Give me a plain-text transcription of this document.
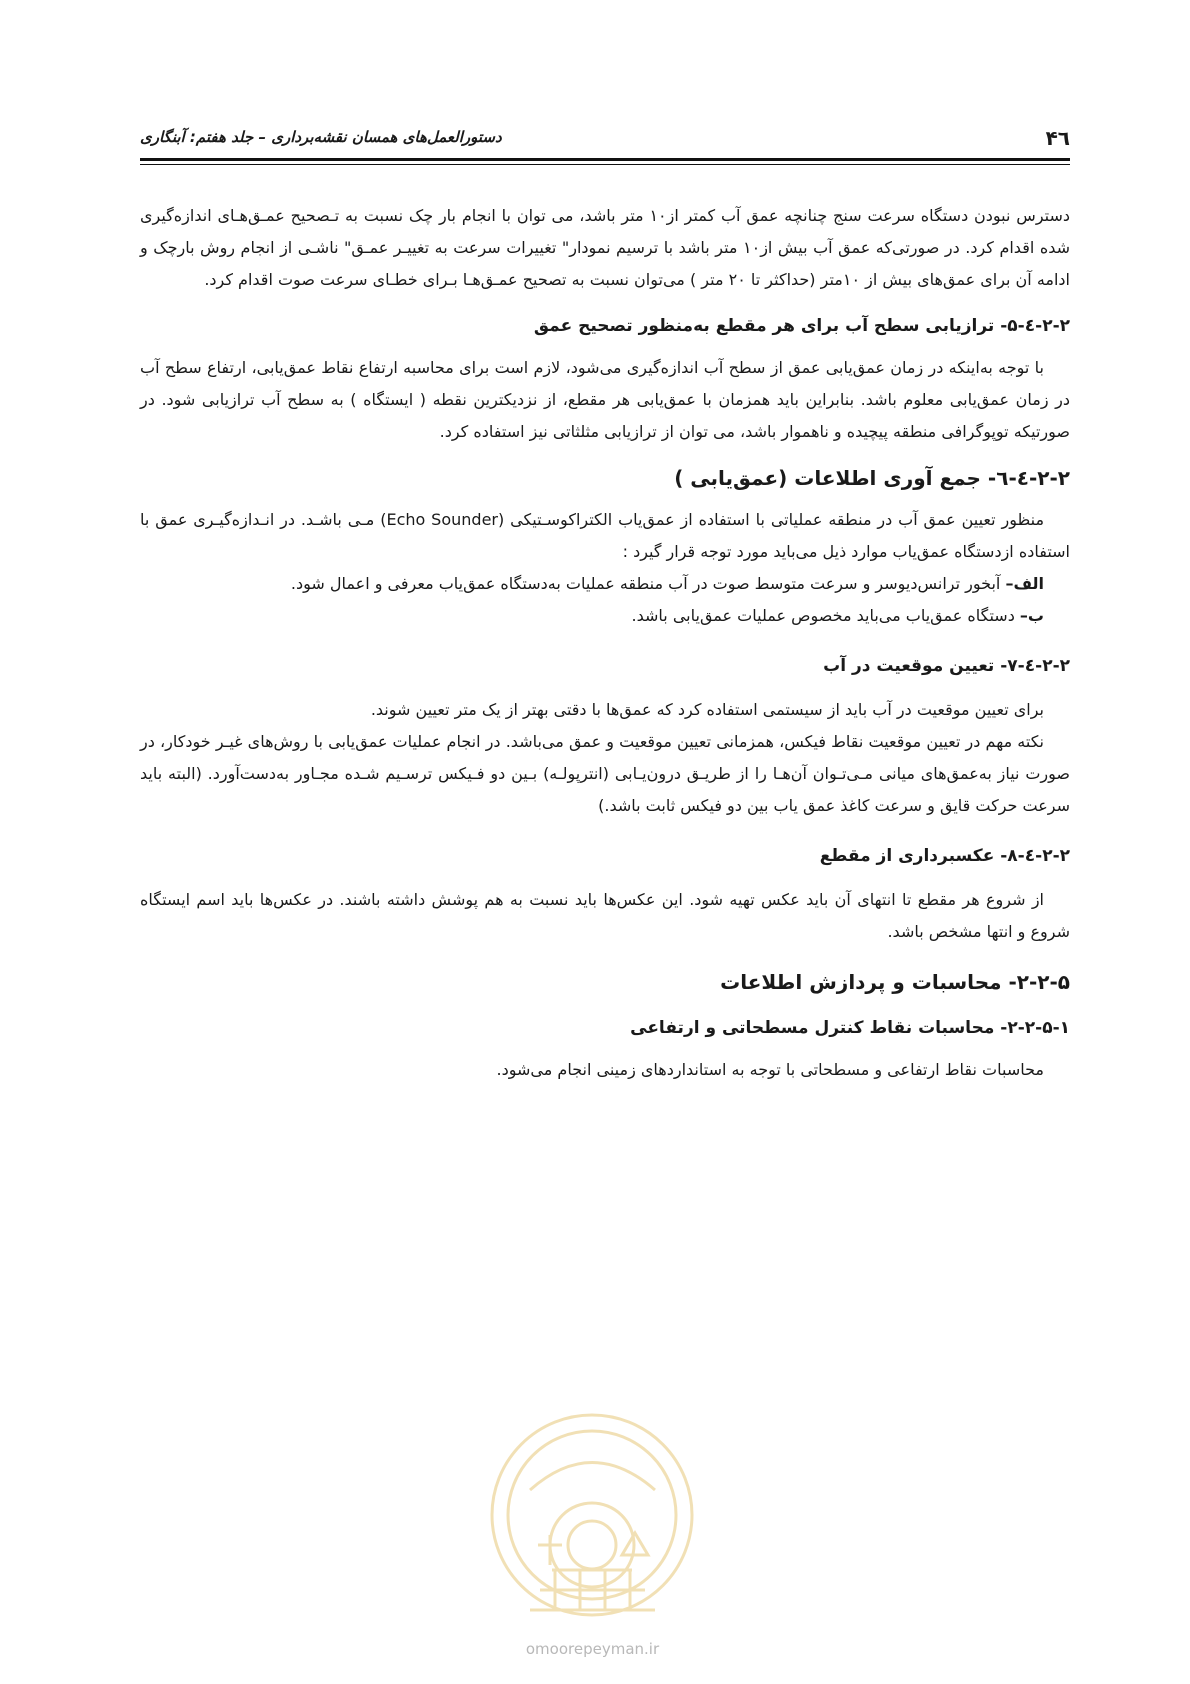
۴٦
دستورالعمل‌های همسان نقشه‌برداری – جلد هفتم: آبنگاری

دسترس نبودن دستگاه سرعت سنج چنانچه عمق آب کمتر از۱۰ متر باشد، می توان با انجام بار چک نسبت به تـصحیح عمـق‌هـای اندازه‌گیری شده اقدام کرد. در صورتی‌که عمق آب بیش از۱۰ متر باشد با ترسیم نمودار" تغییرات سرعت به تغییـر عمـق" ناشـی از انجام روش بارچک و ادامه آن برای عمق‌های بیش از ۱۰متر (حداکثر تا ۲۰ متر ) می‌توان نسبت به تصحیح عمـق‌هـا بـرای خطـای سرعت صوت اقدام کرد.

۲-۲-٤-۵- ترازیابی سطح آب برای هر مقطع به‌منظور تصحیح عمق

با توجه به‌اینکه در زمان عمق‌یابی عمق از سطح آب اندازه‌گیری می‌شود، لازم است برای محاسبه ارتفاع نقاط عمق‌یابی، ارتفاع سطح آب در زمان عمق‌یابی معلوم باشد. بنابراین باید همزمان با عمق‌یابی هر مقطع، از نزدیکترین نقطه ( ایستگاه ) به سطح آب ترازیابی شود. در صورتیکه توپوگرافی منطقه پیچیده و ناهموار باشد، می توان از ترازیابی مثلثاتی نیز استفاده کرد.

۲-۲-٤-٦- جمع آوری اطلاعات (عمق‌یابی )

منظور تعیین عمق آب در منطقه عملیاتی با استفاده از عمق‌یاب الکتراکوسـتیکی (Echo Sounder) مـی باشـد. در انـدازه‌گیـری عمق با استفاده ازدستگاه عمق‌یاب موارد ذیل می‌باید مورد توجه قرار گیرد :

الف– آبخور ترانس‌دیوسر و سرعت متوسط صوت در آب منطقه عملیات به‌دستگاه عمق‌یاب معرفی و اعمال شود.

ب– دستگاه عمق‌یاب می‌باید مخصوص عملیات عمق‌یابی باشد.

۲-۲-٤-۷- تعیین موقعیت در آب

برای تعیین موقعیت در آب باید از سیستمی استفاده کرد که عمق‌ها با دقتی بهتر از یک متر تعیین شوند.

نکته مهم در تعیین موقعیت نقاط فیکس، همزمانی تعیین موقعیت و عمق می‌باشد. در انجام عملیات عمق‌یابی با روش‌های غیـر خودکار، در صورت نیاز به‌عمق‌های میانی مـی‌تـوان آن‌هـا را از طریـق درون‌یـابی (انترپولـه) بـین دو فـیکس ترسـیم شـده مجـاور به‌دست‌آورد. (البته باید سرعت حرکت قایق و سرعت کاغذ عمق یاب بین دو فیکس ثابت باشد.)

۲-۲-٤-۸- عکسبرداری از مقطع

از شروع هر مقطع تا انتهای آن باید عکس تهیه شود. این عکس‌ها باید نسبت به هم پوشش داشته باشند. در عکس‌ها باید اسم ایستگاه شروع و انتها مشخص باشد.

۲-۲-۵- محاسبات و پردازش اطلاعات
۲-۲-۵-۱- محاسبات نقاط کنترل مسطحاتی و ارتفاعی

محاسبات نقاط ارتفاعی و مسطحاتی با توجه به استانداردهای زمینی انجام می‌شود.

omoorepeyman.ir
